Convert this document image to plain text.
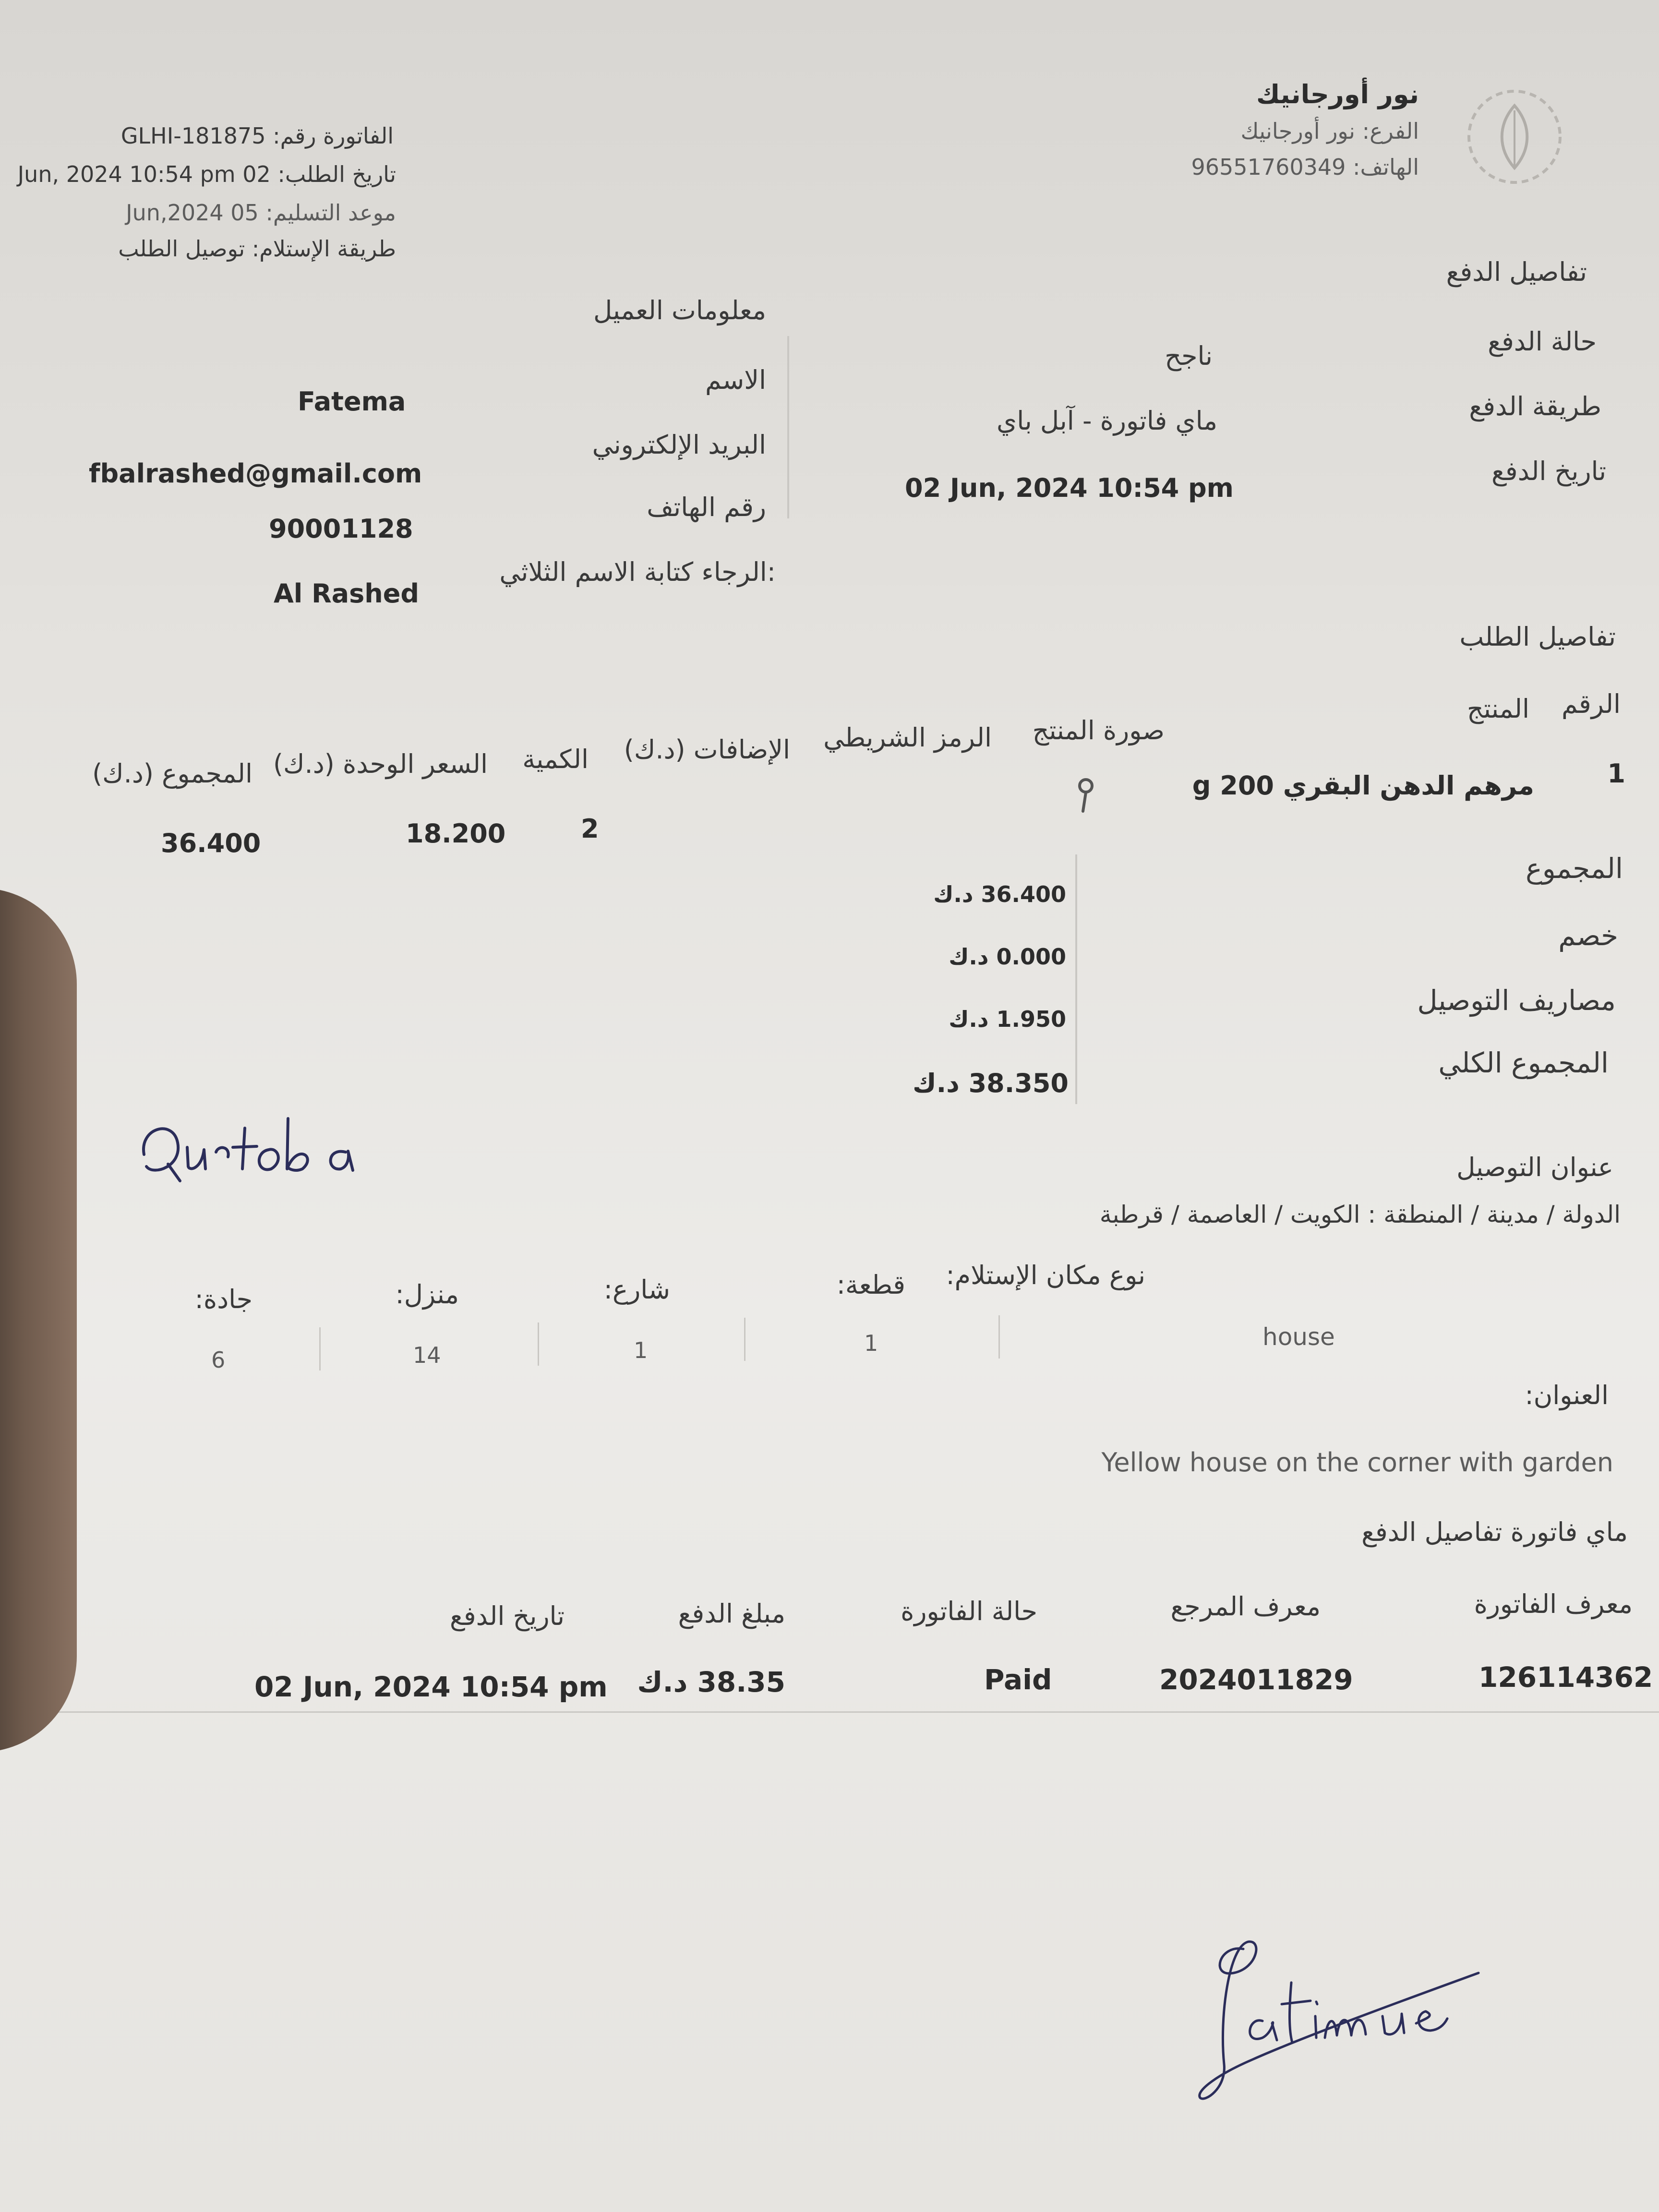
نور أورجانيك
الفرع: نور أورجانيك
الهاتف: 96551760349
الفاتورة رقم: GLHI-181875
تاريخ الطلب: 02 Jun, 2024 10:54 pm
موعد التسليم: 05 Jun,2024
طريقة الإستلام: توصيل الطلب
تفاصيل الدفع
حالة الدفع
ناجح
طريقة الدفع
ماي فاتورة - آبل باي
تاريخ الدفع
02 Jun, 2024 10:54 pm
معلومات العميل
الاسم
Fatema
البريد الإلكتروني
fbalrashed@gmail.com
رقم الهاتف
90001128
:الرجاء كتابة الاسم الثلاثي
Al Rashed
تفاصيل الطلب
الرقم
المنتج
صورة المنتج
الرمز الشريطي
الإضافات (د.ك)
الكمية
السعر الوحدة (د.ك)
المجموع (د.ك)	1
مرهم الدهن البقري 200 g
2
18.200
36.400
المجموع
36.400 د.ك
خصم
0.000 د.ك
مصاريف التوصيل
1.950 د.ك
المجموع الكلي
38.350 د.ك
عنوان التوصيل
الدولة / مدينة / المنطقة : الكويت / العاصمة / قرطبة
نوع مكان الإستلام:
house
قطعة:
1
شارع:
1
منزل:
14
جادة:
6
العنوان:
Yellow house on the corner with garden
ماي فاتورة تفاصيل الدفع
معرف الفاتورة
معرف المرجع
حالة الفاتورة
مبلغ الدفع
تاريخ الدفع
126114362
2024011829
Paid
38.35 د.ك
02 Jun, 2024 10:54 pm
